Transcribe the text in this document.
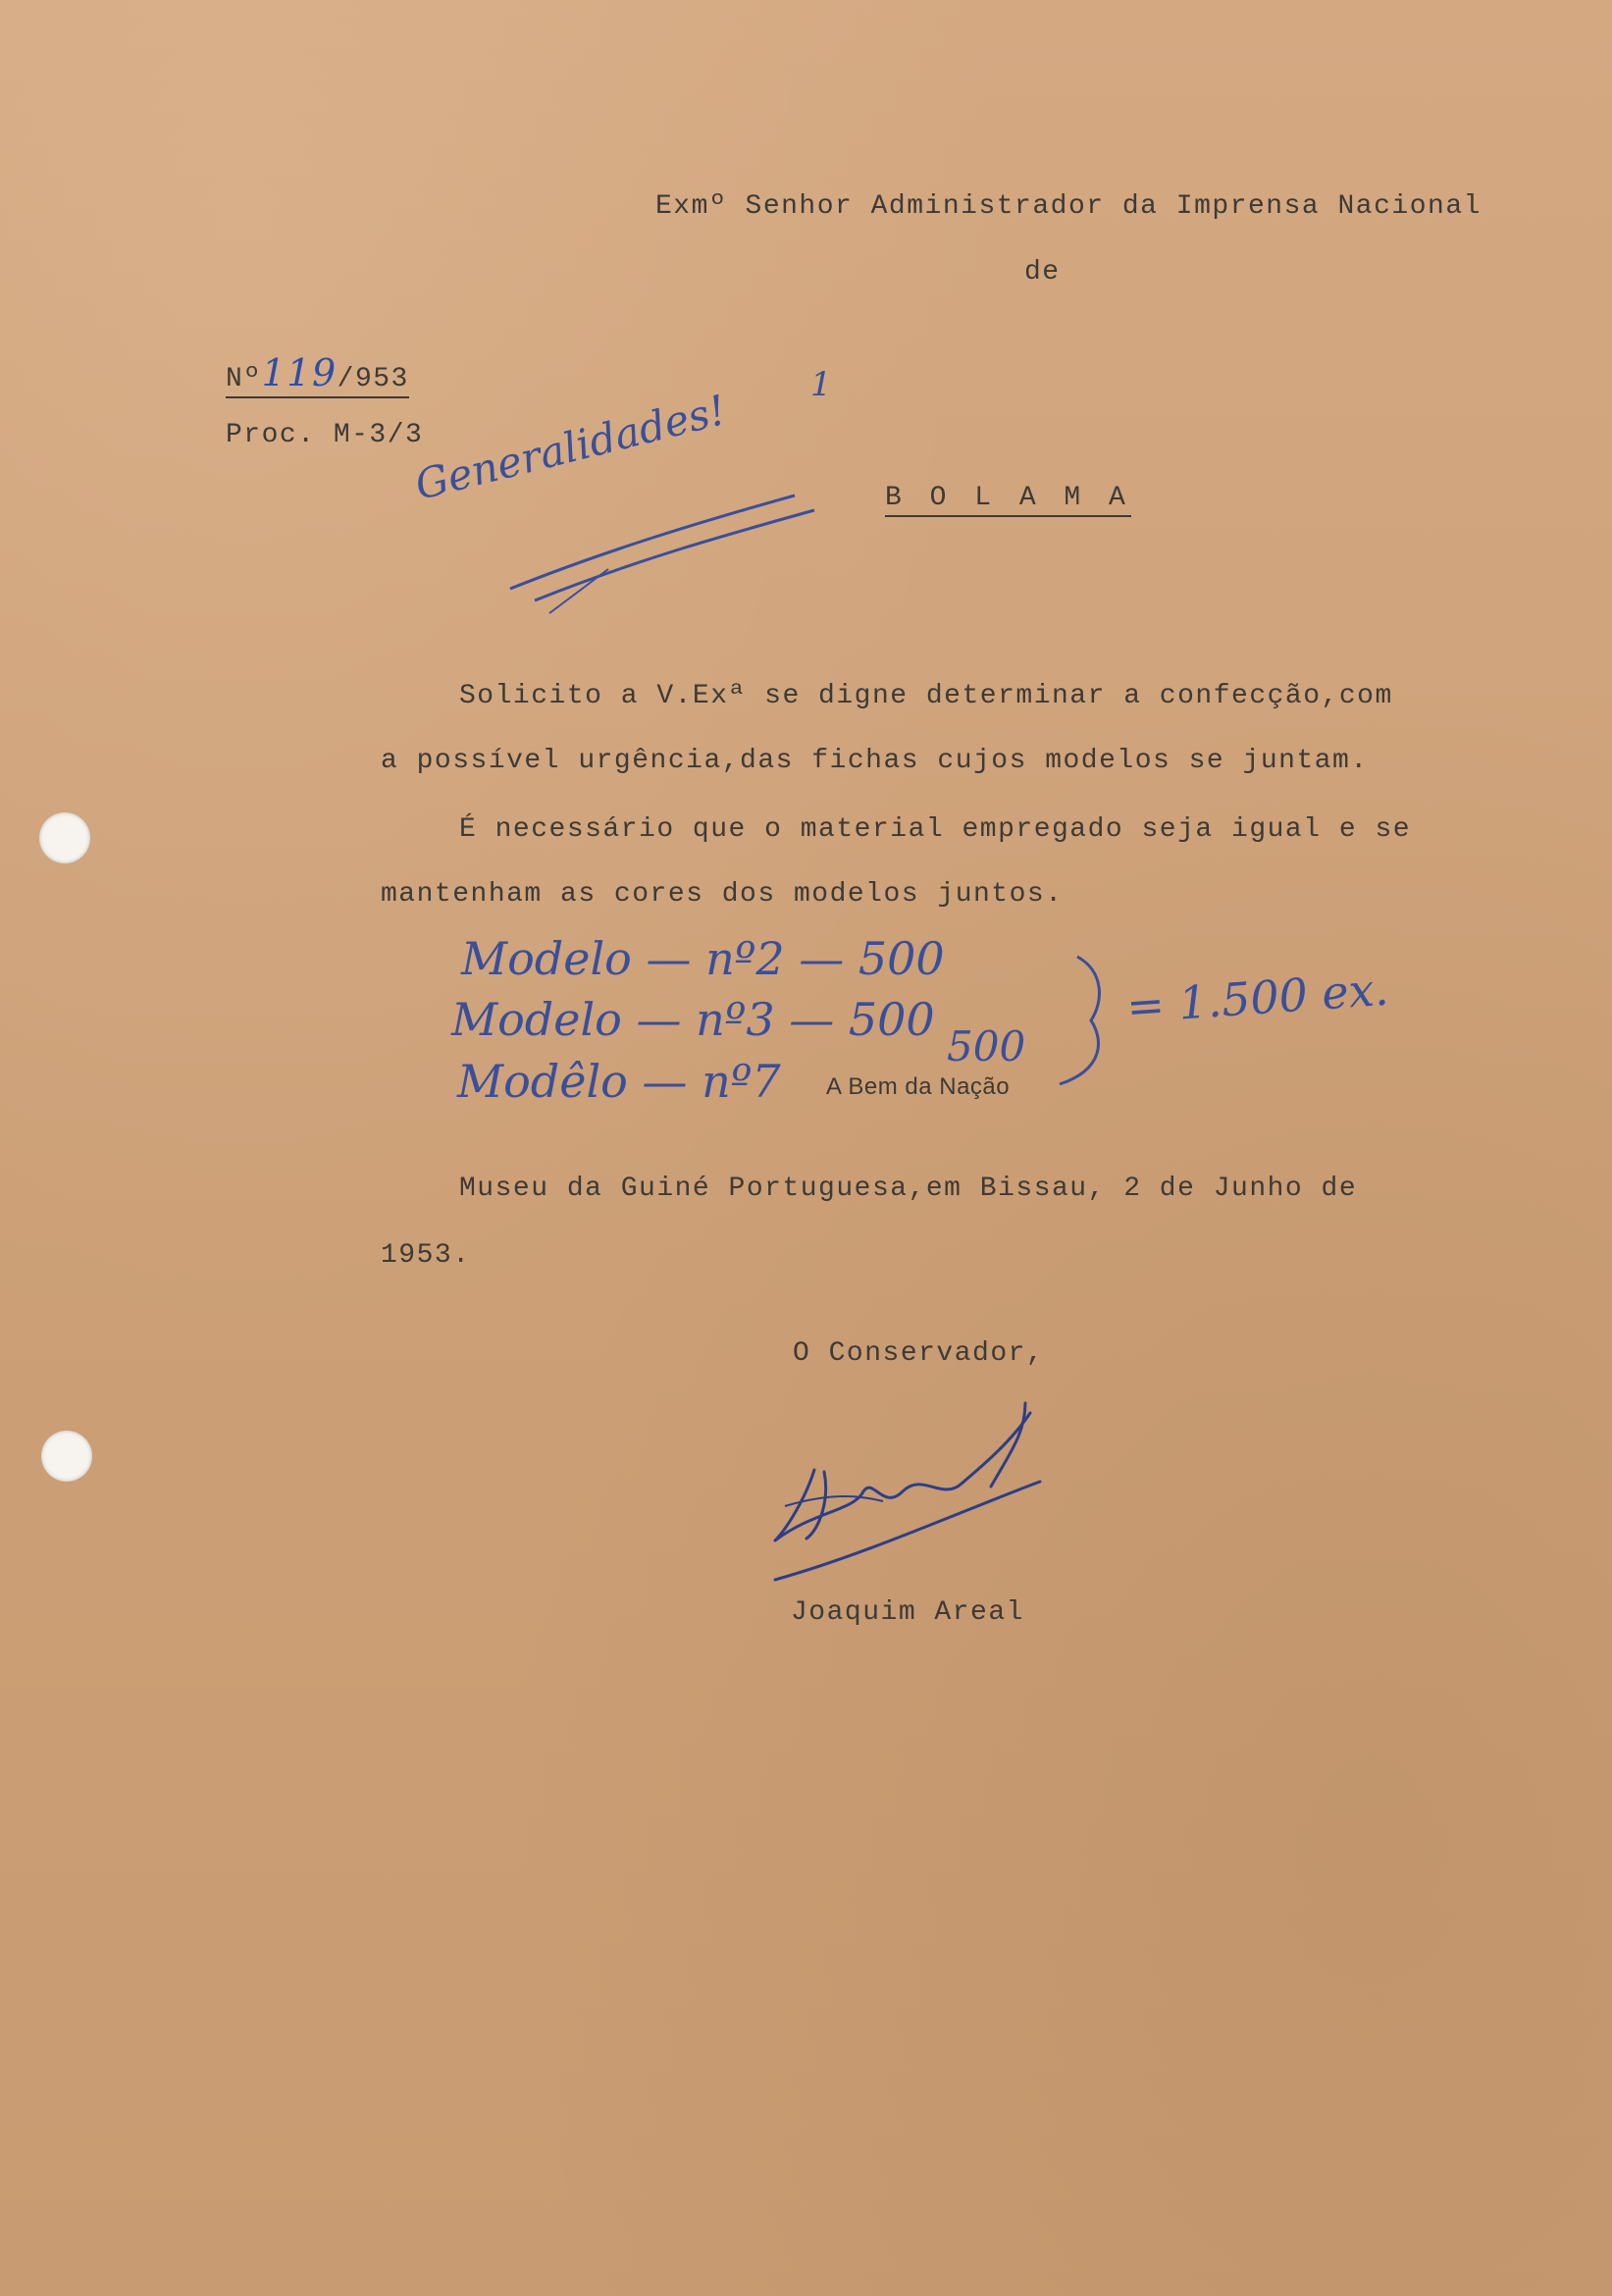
Exmº Senhor Administrador da Imprensa Nacional
de
Nº119/953
Proc. M-3/3
Generalidades!
1
B O L A M A
Solicito a V.Exª se digne determinar a confecção,com
a possível urgência,das fichas cujos modelos se juntam.
É necessário que o material empregado seja igual e se
mantenham as cores dos modelos juntos.
Modelo — nº2 — 500
Modelo — nº3 — 500
Modêlo — nº7
500
= 1.500 ex.
A Bem da Nação
Museu da Guiné Portuguesa,em Bissau, 2 de Junho de
1953.
O Conservador,
Joaquim Areal
